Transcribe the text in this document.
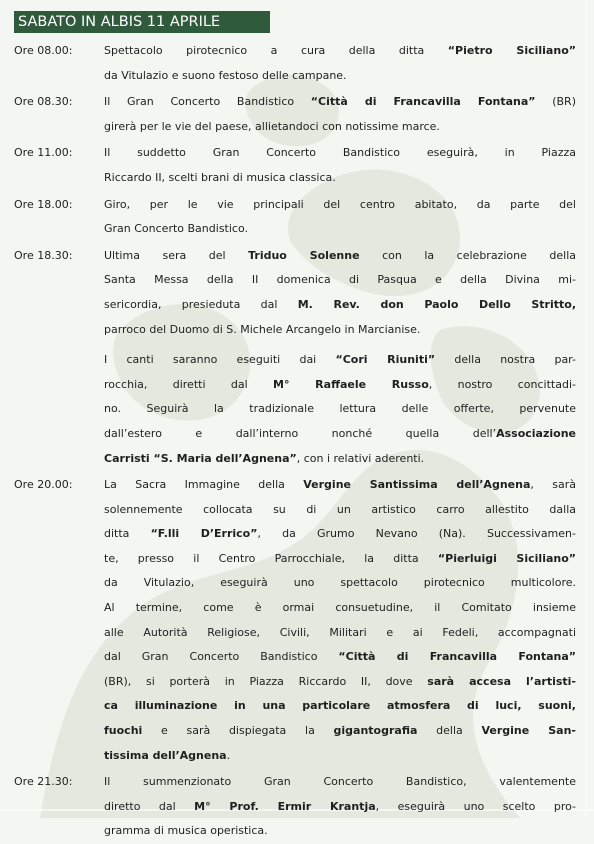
SABATO IN ALBIS 11 APRILE
Ore 08.00:	Spettacolo pirotecnico a cura della ditta “Pietro Siciliano”
da Vitulazio e suono festoso delle campane.
Ore 08.30:	Il Gran Concerto Bandistico “Città di Francavilla Fontana” (BR)
girerà per le vie del paese, allietandoci con notissime marce.
Ore 11.00:	Il suddetto Gran Concerto Bandistico eseguirà, in Piazza
Riccardo II, scelti brani di musica classica.
Ore 18.00:	Giro, per le vie principali del centro abitato, da parte del
Gran Concerto Bandistico.
Ore 18.30:	Ultima sera del Triduo Solenne con la celebrazione della
Santa Messa della II domenica di Pasqua e della Divina mi-
sericordia, presieduta dal M. Rev. don Paolo Dello Stritto,
parroco del Duomo di S. Michele Arcangelo in Marcianise.
I canti saranno eseguiti dai “Cori Riuniti” della nostra par-
rocchia, diretti dal M° Raffaele Russo, nostro concittadi-
no. Seguirà la tradizionale lettura delle offerte, pervenute
dall’estero e dall’interno nonché quella dell’Associazione
Carristi “S. Maria dell’Agnena”, con i relativi aderenti.
Ore 20.00:	La Sacra Immagine della Vergine Santissima dell’Agnena, sarà
solennemente collocata su di un artistico carro allestito dalla
ditta “F.lli D’Errico”, da Grumo Nevano (Na). Successivamen-
te, presso il Centro Parrocchiale, la ditta “Pierluigi Siciliano”
da Vitulazio, eseguirà uno spettacolo pirotecnico multicolore.
Al termine, come è ormai consuetudine, il Comitato insieme
alle Autorità Religiose, Civili, Militari e ai Fedeli, accompagnati
dal Gran Concerto Bandistico “Città di Francavilla Fontana”
(BR), si porterà in Piazza Riccardo II, dove sarà accesa l’artisti-
ca illuminazione in una particolare atmosfera di luci, suoni,
fuochi e sarà dispiegata la gigantografia della Vergine San-
tissima dell’Agnena.
Ore 21.30:	Il summenzionato Gran Concerto Bandistico, valentemente
diretto dal M° Prof. Ermir Krantja, eseguirà uno scelto pro-
gramma di musica operistica.
